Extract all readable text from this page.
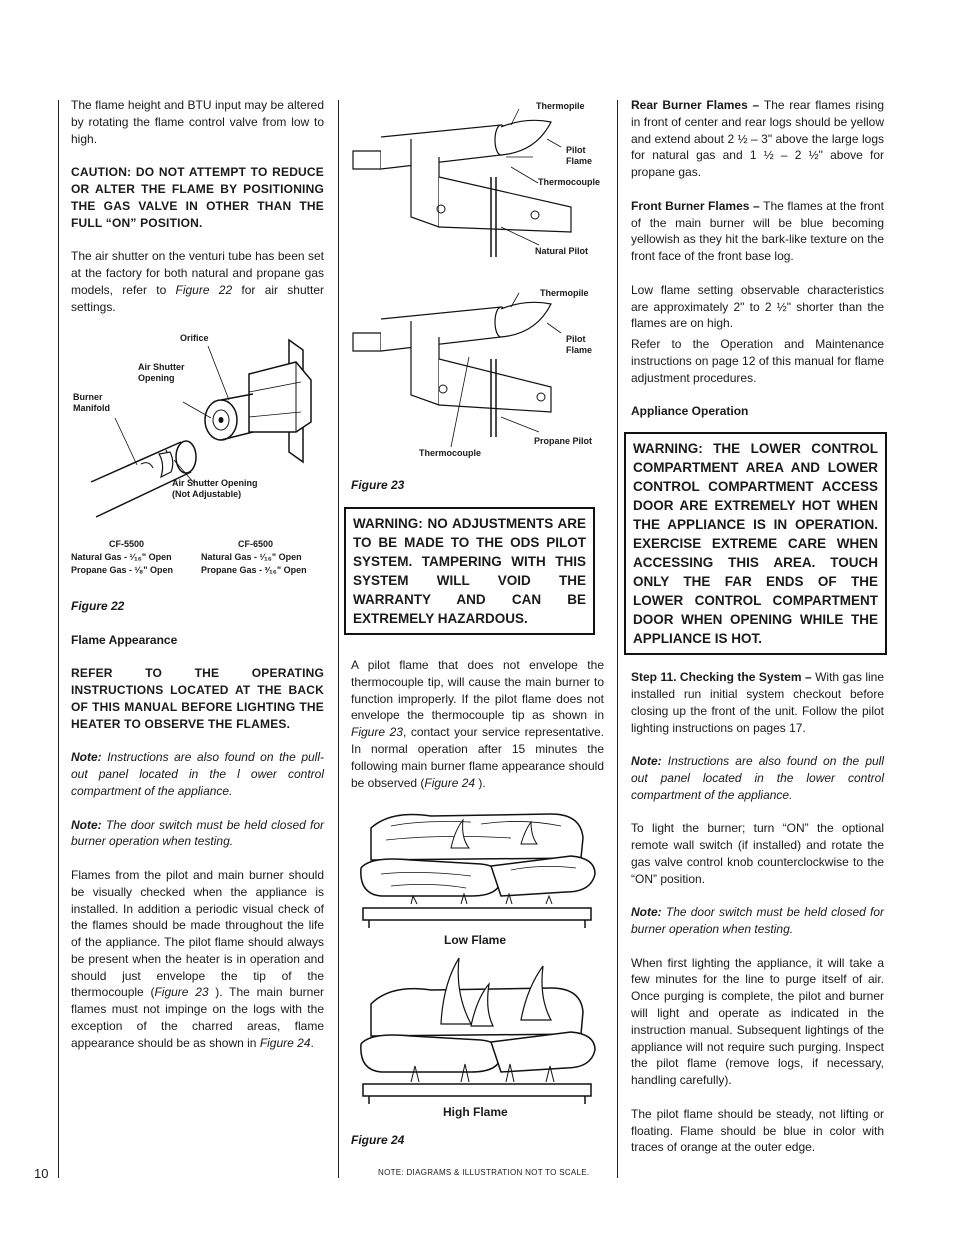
The flame height and BTU input may be altered by rotating the flame control valve from low to high.

CAUTION: DO NOT ATTEMPT TO REDUCE OR ALTER THE FLAME BY POSITIONING THE GAS VALVE IN OTHER THAN THE FULL “ON” POSITION.

The air shutter on the venturi tube has been set at the factory for both natural and propane gas models, refer to Figure 22 for air shutter settings.

Orifice
Air Shutter Opening
Burner Manifold
Air Shutter Opening (Not Adjustable)
CF-5500
Natural Gas - ¹⁄₁₆" Open
Propane Gas - ¹⁄₈" Open
CF-6500
Natural Gas - ¹⁄₁₆" Open
Propane Gas - ³⁄₁₆" Open

Figure 22

Flame Appearance

REFER TO THE OPERATING INSTRUCTIONS LOCATED AT THE BACK OF THIS MANUAL BEFORE LIGHTING THE HEATER TO OBSERVE THE FLAMES.

Note: Instructions are also found on the pull-out panel located in the l ower control compartment of the appliance.

Note: The door switch must be held closed for burner operation when testing.

Flames from the pilot and main burner should be visually checked when the appliance is installed. In addition a periodic visual check of the flames should be made throughout the life of the appliance. The pilot flame should always be present when the heater is in operation and should just envelope the tip of the thermocouple (Figure 23 ). The main burner flames must not impinge on the logs with the exception of the charred areas, flame appearance should be as shown in Figure 24.

Thermopile
Pilot Flame
Thermocouple
Natural Pilot
Thermopile
Pilot Flame
Thermocouple
Propane Pilot
Figure 23
WARNING: NO ADJUSTMENTS ARE TO BE MADE TO THE ODS PILOT SYSTEM. TAMPERING WITH THIS SYSTEM WILL VOID THE WARRANTY AND CAN BE EXTREMELY HAZARDOUS.

A pilot flame that does not envelope the thermocouple tip, will cause the main burner to function improperly. If the pilot flame does not envelope the thermocouple tip as shown in Figure 23, contact your service representative. In normal operation after 15 minutes the following main burner flame appearance should be observed (Figure 24 ).

Low Flame
High Flame

Figure 24

Rear Burner Flames – The rear flames rising in front of center and rear logs should be yellow and extend about 2 ½ – 3" above the large logs for natural gas and 1 ½ – 2 ½" above for propane gas.

Front Burner Flames – The flames at the front of the main burner will be blue becoming yellowish as they hit the bark-like texture on the front face of the front base log.

Low flame setting observable characteristics are approximately 2" to 2 ½" shorter than the flames are on high.

Refer to the Operation and Maintenance instructions on page 12 of this manual for flame adjustment procedures.

Appliance Operation

WARNING: THE LOWER CONTROL COMPARTMENT AREA AND LOWER CONTROL COMPARTMENT ACCESS DOOR ARE EXTREMELY HOT WHEN THE APPLIANCE IS IN OPERATION. EXERCISE EXTREME CARE WHEN ACCESSING THIS AREA. TOUCH ONLY THE FAR ENDS OF THE LOWER CONTROL COMPARTMENT DOOR WHEN OPENING WHILE THE APPLIANCE IS HOT.

Step 11. Checking the System – With gas line installed run initial system checkout before closing up the front of the unit. Follow the pilot lighting instructions on pages 17.

Note: Instructions are also found on the pull out panel located in the lower control compartment of the appliance.

To light the burner; turn “ON” the optional remote wall switch (if installed) and rotate the gas valve control knob counterclockwise to the “ON” position.

Note: The door switch must be held closed for burner operation when testing.

When first lighting the appliance, it will take a few minutes for the line to purge itself of air. Once purging is complete, the pilot and burner will light and operate as indicated in the instruction manual. Subsequent lightings of the appliance will not require such purging. Inspect the pilot flame (remove logs, if necessary, handling carefully).

The pilot flame should be steady, not lifting or floating. Flame should be blue in color with traces of orange at the outer edge.

10	NOTE: DIAGRAMS & ILLUSTRATION NOT TO SCALE.
